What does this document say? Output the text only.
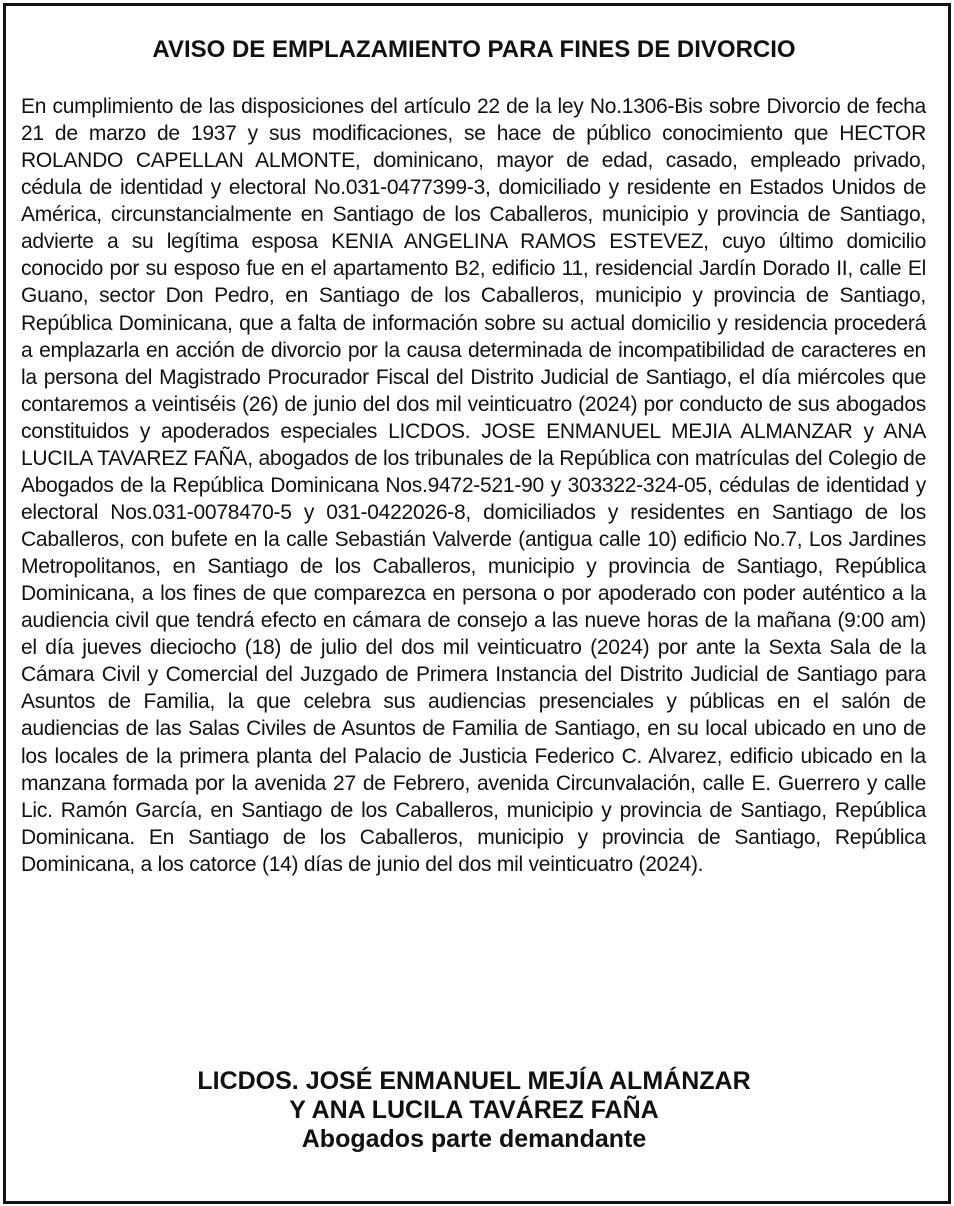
AVISO DE EMPLAZAMIENTO PARA FINES DE DIVORCIO

En cumplimiento de las disposiciones del artículo 22 de la ley No.1306-Bis sobre Divorcio de fecha 21 de marzo de 1937 y sus modificaciones, se hace de público conocimiento que HECTOR ROLANDO CAPELLAN ALMONTE, dominicano, mayor de edad, casado, empleado privado, cédula de identidad y electoral No.031-0477399-3, domiciliado y residente en Estados Unidos de América, circunstancialmente en Santiago de los Caballeros, municipio y provincia de Santiago, advierte a su legítima esposa KENIA ANGELINA RAMOS ESTEVEZ, cuyo último domicilio conocido por su esposo fue en el apartamento B2, edificio 11, residencial Jardín Dorado II, calle El Guano, sector Don Pedro, en Santiago de los Caballeros, municipio y provincia de Santiago, República Dominicana, que a falta de información sobre su actual domicilio y residencia procederá a emplazarla en acción de divorcio por la causa determinada de incompatibilidad de caracteres en la persona del Magistrado Procurador Fiscal del Distrito Judicial de Santiago, el día miércoles que contaremos a veintiséis (26) de junio del dos mil veinticuatro (2024) por conducto de sus abogados constituidos y apoderados especiales LICDOS. JOSE ENMANUEL MEJIA ALMANZAR y ANA LUCILA TAVAREZ FAÑA, abogados de los tribunales de la República con matrículas del Colegio de Abogados de la República Dominicana Nos.9472-521-90 y 303322-324-05, cédulas de identidad y electoral Nos.031-0078470-5 y 031-0422026-8, domiciliados y residentes en Santiago de los Caballeros, con bufete en la calle Sebastián Valverde (antigua calle 10) edificio No.7, Los Jardines Metropolitanos, en Santiago de los Caballeros, municipio y provincia de Santiago, República Dominicana, a los fines de que comparezca en persona o por apoderado con poder auténtico a la audiencia civil que tendrá efecto en cámara de consejo a las nueve horas de la mañana (9:00 am) el día jueves dieciocho (18) de julio del dos mil veinticuatro (2024) por ante la Sexta Sala de la Cámara Civil y Comercial del Juzgado de Primera Instancia del Distrito Judicial de Santiago para Asuntos de Familia, la que celebra sus audiencias presenciales y públicas en el salón de audiencias de las Salas Civiles de Asuntos de Familia de Santiago, en su local ubicado en uno de los locales de la primera planta del Palacio de Justicia Federico C. Alvarez, edificio ubicado en la manzana formada por la avenida 27 de Febrero, avenida Circunvalación, calle E. Guerrero y calle Lic. Ramón García, en Santiago de los Caballeros, municipio y provincia de Santiago, República Dominicana. En Santiago de los Caballeros, municipio y provincia de Santiago, República Dominicana, a los catorce (14) días de junio del dos mil veinticuatro (2024).

LICDOS. JOSÉ ENMANUEL MEJÍA ALMÁNZAR
Y ANA LUCILA TAVÁREZ FAÑA
Abogados parte demandante
